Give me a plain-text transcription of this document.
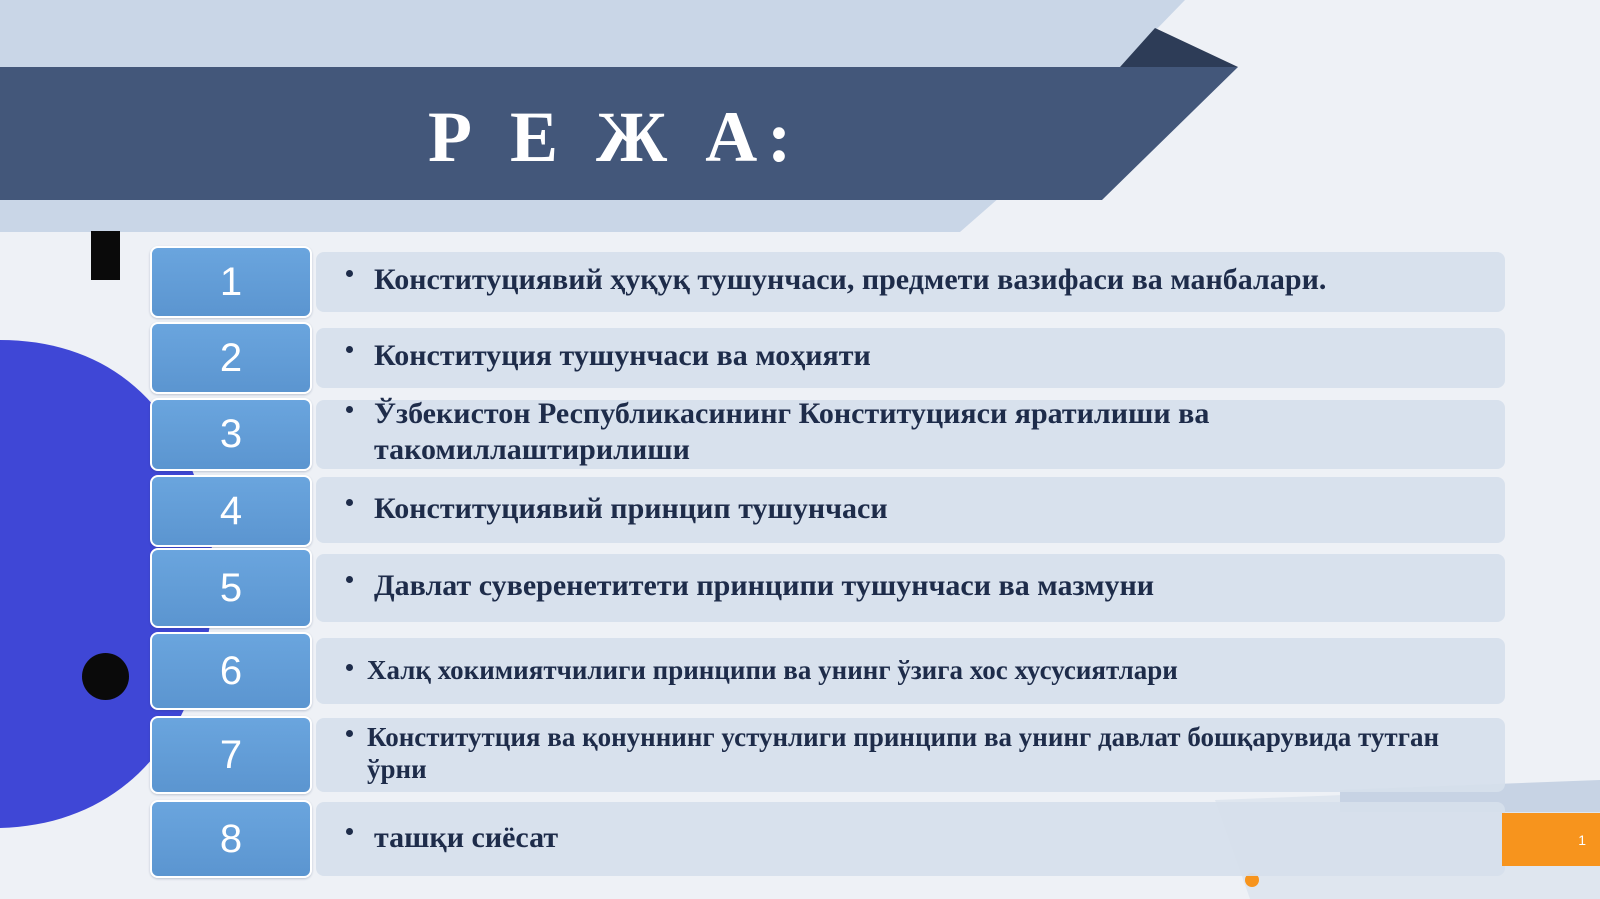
Р Е Ж А:
1	Конституциявий ҳуқуқ тушунчаси, предмети вазифаси ва манбалари.
2	Конституция тушунчаси ва моҳияти
3	Ўзбекистон Республикасининг Конституцияси яратилиши ва такомиллаштирилиши
4	Конституциявий принцип тушунчаси
5	Давлат суверенетитети принципи тушунчаси ва мазмуни
6	Халқ хокимиятчилиги принципи ва унинг ўзига хос хусусиятлари
7	Конститутция ва қонуннинг устунлиги принципи ва унинг давлат бошқарувида тутган ўрни
8	ташқи сиёсат	1
